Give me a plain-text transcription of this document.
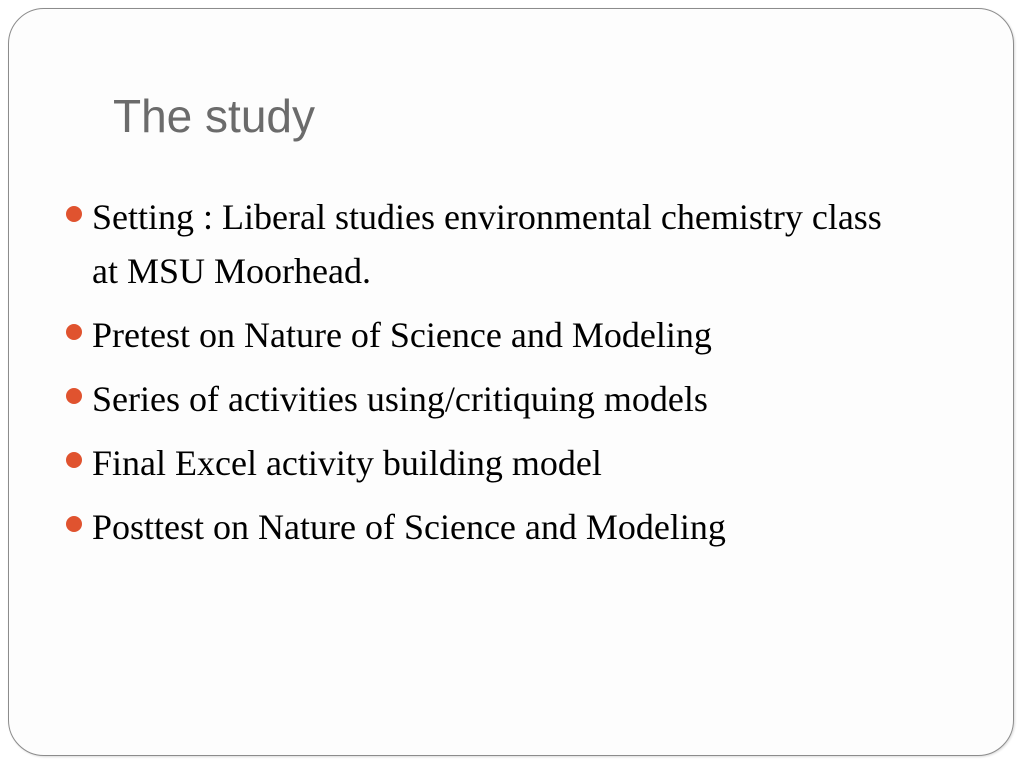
The study
Setting : Liberal studies environmental chemistry class at MSU Moorhead.
Pretest on Nature of Science and Modeling
Series of activities using/critiquing models
Final Excel activity building model
Posttest on Nature of Science and Modeling
